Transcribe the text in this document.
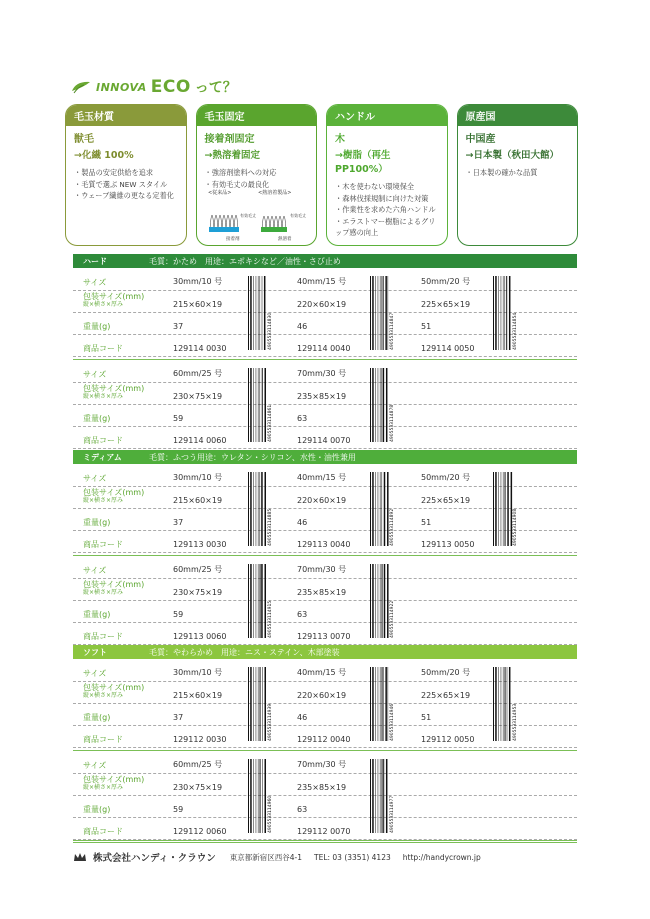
INNOVA ECO って？
毛玉材質
獣毛
→化繊 100%
・ 製品の安定供給を追求
・ 毛質で選ぶ NEW スタイル
・ ウェーブ繊維の更なる定着化
毛玉固定
接着剤固定
→熱溶着固定
・ 強溶剤塗料への対応
・ 有効毛丈の最良化
<従来品>	<熱溶着製品>
有効毛丈	有効毛丈
接着剤	熱溶着
ハンドル
木
→樹脂（再生 PP100%）
・ 木を使わない環境保全
・ 森林伐採規制に向けた対策
・ 作業性を求めた六角ハンドル
・ エラストマー樹脂によるグリップ感の向上
原産国
中国産
→日本製（秋田大館）
・ 日本製の確かな品質
ハード	毛質：かため　用途：エポキシなど／油性・さび止め
サイズ	30mm/10 号	40mm/15 号	50mm/20 号
包装サイズ(mm)
縦×横さ×厚み	215×60×19	220×60×19	225×65×19
重量(g)	37	46	51
商品コード	129114 0030	129114 0040	129114 0050
4905533114830	4905533114847	4905533114854
サイズ	60mm/25 号	70mm/30 号
包装サイズ(mm)
縦×横さ×厚み	230×75×19	235×85×19
重量(g)	59	63
商品コード	129114 0060	129114 0070
4905533114861	4905533114878
ミディアム	毛質：ふつう用途：ウレタン・シリコン、水性・油性兼用
サイズ	30mm/10 号	40mm/15 号	50mm/20 号
包装サイズ(mm)
縦×横さ×厚み	215×60×19	220×60×19	225×65×19
重量(g)	37	46	51
商品コード	129113 0030	129113 0040	129113 0050
4905533114885	4905533114892	4905533114908
サイズ	60mm/25 号	70mm/30 号
包装サイズ(mm)
縦×横さ×厚み	230×75×19	235×85×19
重量(g)	59	63
商品コード	129113 0060	129113 0070
4905533114915	4905533114922
ソフト	毛質：やわらかめ　用途：ニス・ステイン、木部塗装
サイズ	30mm/10 号	40mm/15 号	50mm/20 号
包装サイズ(mm)
縦×横さ×厚み	215×60×19	220×60×19	225×65×19
重量(g)	37	46	51
商品コード	129112 0030	129112 0040	129112 0050
4905533114939	4905533114946	4905533114953
サイズ	60mm/25 号	70mm/30 号
包装サイズ(mm)
縦×横さ×厚み	230×75×19	235×85×19
重量(g)	59	63
商品コード	129112 0060	129112 0070
4905533114960	4905533114977
株式会社ハンディ・クラウン 東京都新宿区西谷4-1 TEL: 03 (3351) 4123 http://handycrown.jp
